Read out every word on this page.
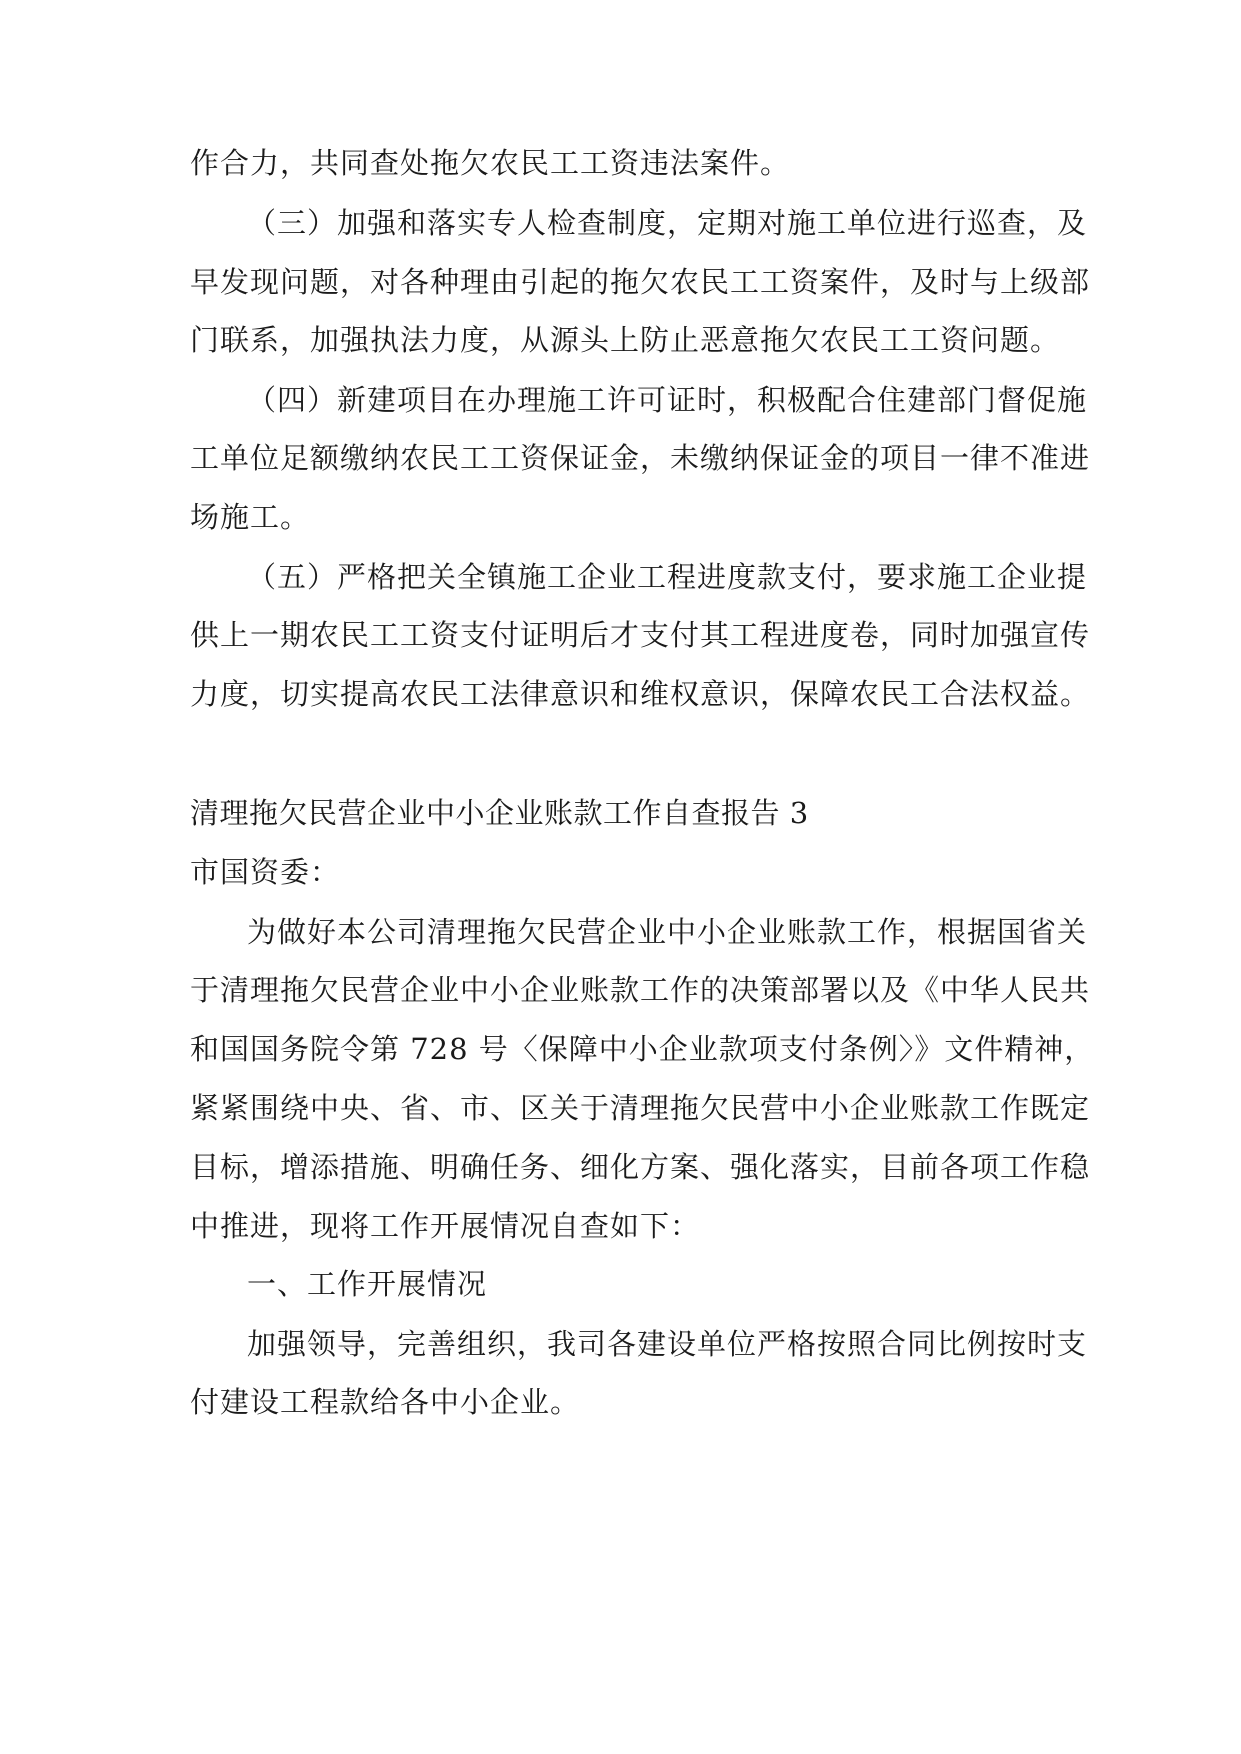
作合力，共同查处拖欠农民工工资违法案件。
（三）加强和落实专人检查制度，定期对施工单位进行巡查，及
早发现问题，对各种理由引起的拖欠农民工工资案件，及时与上级部
门联系，加强执法力度，从源头上防止恶意拖欠农民工工资问题。
（四）新建项目在办理施工许可证时，积极配合住建部门督促施
工单位足额缴纳农民工工资保证金，未缴纳保证金的项目一律不准进
场施工。
（五）严格把关全镇施工企业工程进度款支付，要求施工企业提
供上一期农民工工资支付证明后才支付其工程进度卷，同时加强宣传
力度，切实提高农民工法律意识和维权意识，保障农民工合法权益。
清理拖欠民营企业中小企业账款工作自查报告 3
市国资委：
为做好本公司清理拖欠民营企业中小企业账款工作，根据国省关
于清理拖欠民营企业中小企业账款工作的决策部署以及《中华人民共
和国国务院令第 728 号〈保障中小企业款项支付条例〉》文件精神，
紧紧围绕中央、省、市、区关于清理拖欠民营中小企业账款工作既定
目标，增添措施、明确任务、细化方案、强化落实，目前各项工作稳
中推进，现将工作开展情况自查如下：
一、工作开展情况
加强领导，完善组织，我司各建设单位严格按照合同比例按时支
付建设工程款给各中小企业。
